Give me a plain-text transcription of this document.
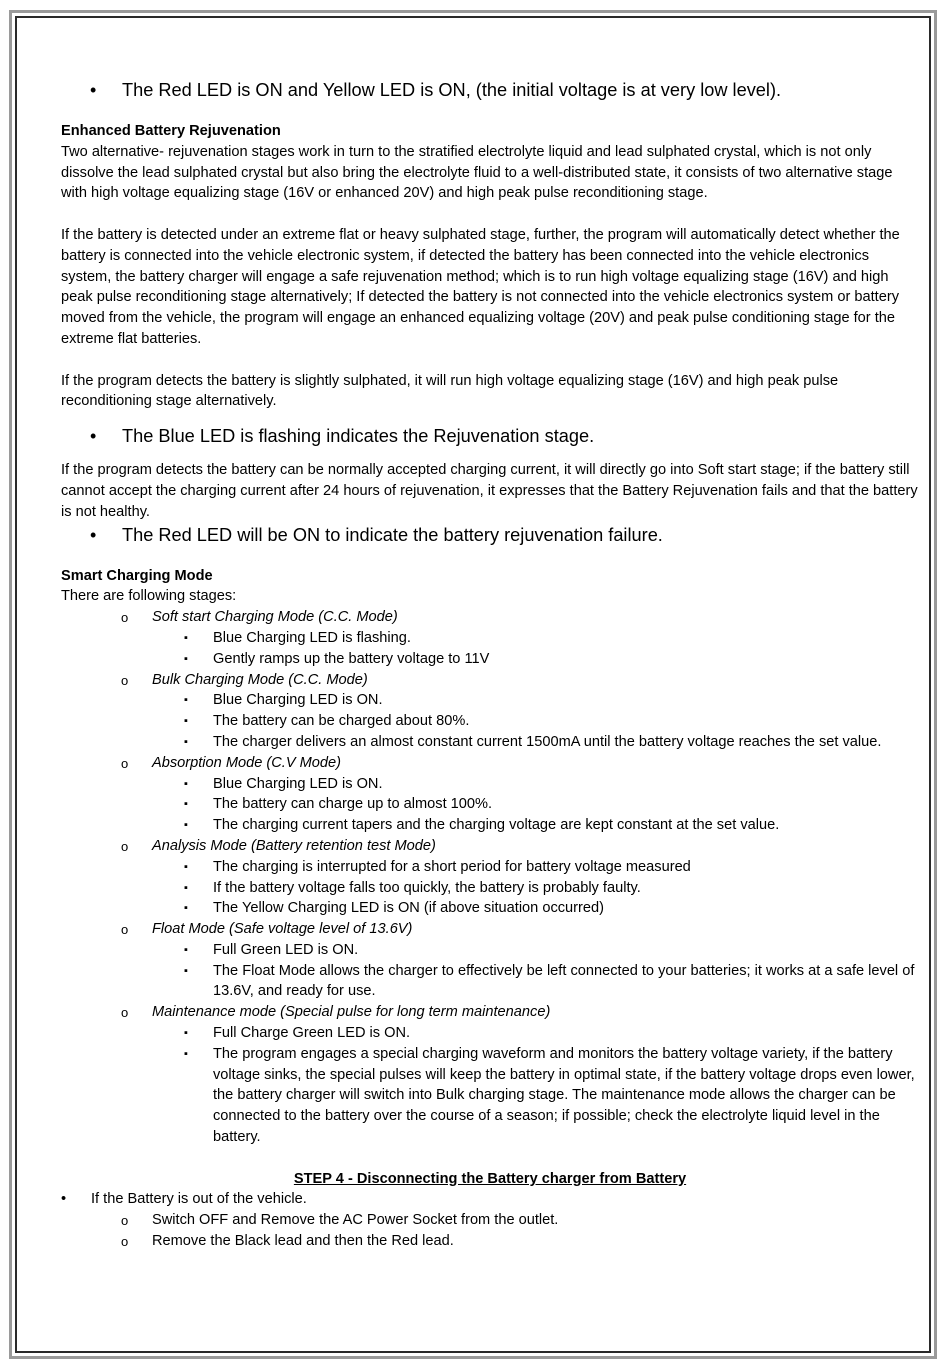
• The Red LED is ON and Yellow LED is ON, (the initial voltage is at very low level).

Enhanced Battery Rejuvenation

Two alternative- rejuvenation stages work in turn to the stratified electrolyte liquid and lead sulphated crystal, which is not only dissolve the lead sulphated crystal but also bring the electrolyte fluid to a well-distributed state, it consists of two alternative stage with high voltage equalizing stage (16V or enhanced 20V) and high peak pulse reconditioning stage.

If the battery is detected under an extreme flat or heavy sulphated stage, further, the program will automatically detect whether the battery is connected into the vehicle electronic system, if detected the battery has been connected into the vehicle electronics system, the battery charger will engage a safe rejuvenation method; which is to run high voltage equalizing stage (16V) and high peak pulse reconditioning stage alternatively; If detected the battery is not connected into the vehicle electronics system or battery moved from the vehicle, the program will engage an enhanced equalizing voltage (20V) and peak pulse conditioning stage for the extreme flat batteries.

If the program detects the battery is slightly sulphated, it will run high voltage equalizing stage (16V) and high peak pulse reconditioning stage alternatively.

• The Blue LED is flashing indicates the Rejuvenation stage.

If the program detects the battery can be normally accepted charging current, it will directly go into Soft start stage; if the battery still cannot accept the charging current after 24 hours of rejuvenation, it expresses that the Battery Rejuvenation fails and that the battery is not healthy.

• The Red LED will be ON to indicate the battery rejuvenation failure.

Smart Charging Mode

There are following stages:

o Soft start Charging Mode (C.C. Mode)
▪ Blue Charging LED is flashing.
▪ Gently ramps up the battery voltage to 11V
o Bulk Charging Mode (C.C. Mode)
▪ Blue Charging LED is ON.
▪ The battery can be charged about 80%.
▪ The charger delivers an almost constant current 1500mA until the battery voltage reaches the set value.
o Absorption Mode (C.V Mode)
▪ Blue Charging LED is ON.
▪ The battery can charge up to almost 100%.
▪ The charging current tapers and the charging voltage are kept constant at the set value.
o Analysis Mode (Battery retention test Mode)
▪ The charging is interrupted for a short period for battery voltage measured
▪ If the battery voltage falls too quickly, the battery is probably faulty.
▪ The Yellow Charging LED is ON (if above situation occurred)
o Float Mode (Safe voltage level of 13.6V)
▪ Full Green LED is ON.
▪ The Float Mode allows the charger to effectively be left connected to your batteries; it works at a safe level of 13.6V, and ready for use.
o Maintenance mode (Special pulse for long term maintenance)
▪ Full Charge Green LED is ON.
▪ The program engages a special charging waveform and monitors the battery voltage variety, if the battery voltage sinks, the special pulses will keep the battery in optimal state, if the battery voltage drops even lower, the battery charger will switch into Bulk charging stage. The maintenance mode allows the charger can be connected to the battery over the course of a season; if possible; check the electrolyte liquid level in the battery.

STEP 4 - Disconnecting the Battery charger from Battery

• If the Battery is out of the vehicle.
o Switch OFF and Remove the AC Power Socket from the outlet.
o Remove the Black lead and then the Red lead.
